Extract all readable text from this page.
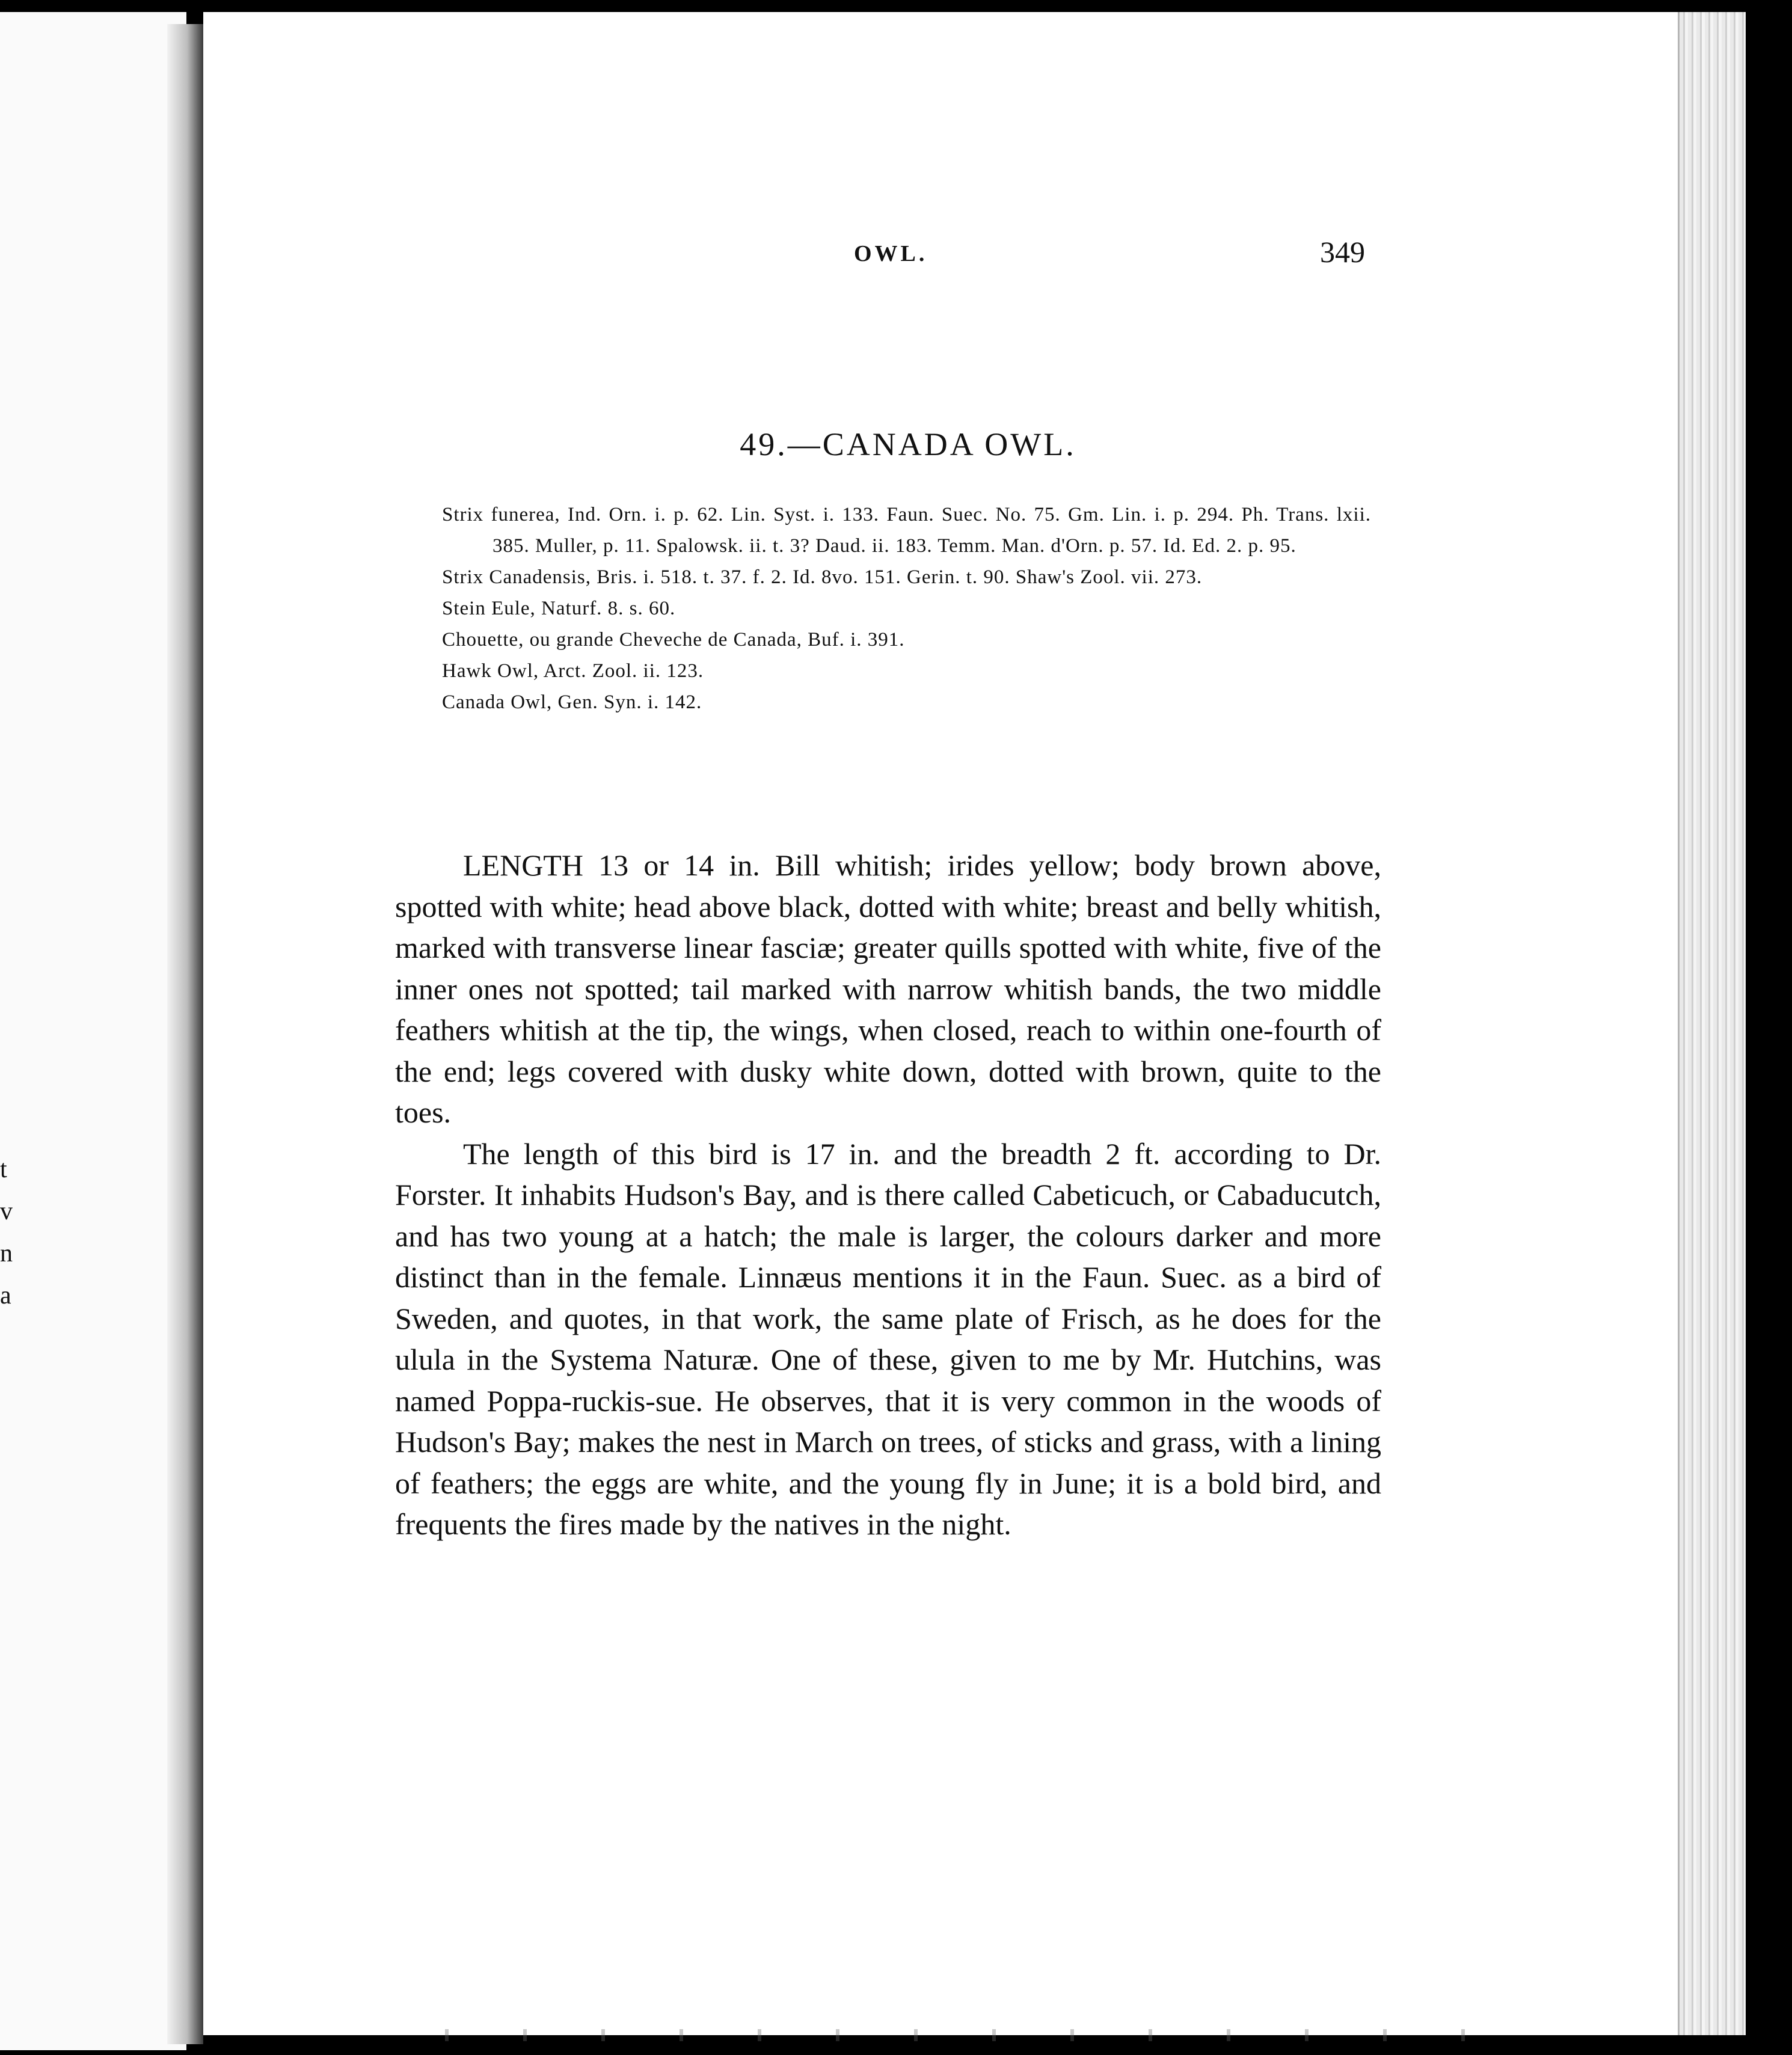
t
v
n
a
OWL.	349
49.—CANADA OWL.
Strix funerea, Ind. Orn. i. p. 62. Lin. Syst. i. 133. Faun. Suec. No. 75. Gm. Lin. i. p. 294. Ph. Trans. lxii. 385. Muller, p. 11. Spalowsk. ii. t. 3? Daud. ii. 183. Temm. Man. d'Orn. p. 57. Id. Ed. 2. p. 95.
Strix Canadensis, Bris. i. 518. t. 37. f. 2. Id. 8vo. 151. Gerin. t. 90. Shaw's Zool. vii. 273.
Stein Eule, Naturf. 8. s. 60.
Chouette, ou grande Cheveche de Canada, Buf. i. 391.
Hawk Owl, Arct. Zool. ii. 123.
Canada Owl, Gen. Syn. i. 142.

LENGTH 13 or 14 in. Bill whitish; irides yellow; body brown above, spotted with white; head above black, dotted with white; breast and belly whitish, marked with transverse linear fasciæ; greater quills spotted with white, five of the inner ones not spotted; tail marked with narrow whitish bands, the two middle feathers whitish at the tip, the wings, when closed, reach to within one-fourth of the end; legs covered with dusky white down, dotted with brown, quite to the toes.

The length of this bird is 17 in. and the breadth 2 ft. according to Dr. Forster. It inhabits Hudson's Bay, and is there called Cabeticuch, or Cabaducutch, and has two young at a hatch; the male is larger, the colours darker and more distinct than in the female. Linnæus mentions it in the Faun. Suec. as a bird of Sweden, and quotes, in that work, the same plate of Frisch, as he does for the ulula in the Systema Naturæ. One of these, given to me by Mr. Hutchins, was named Poppa-ruckis-sue. He observes, that it is very common in the woods of Hudson's Bay; makes the nest in March on trees, of sticks and grass, with a lining of feathers; the eggs are white, and the young fly in June; it is a bold bird, and frequents the fires made by the natives in the night.
